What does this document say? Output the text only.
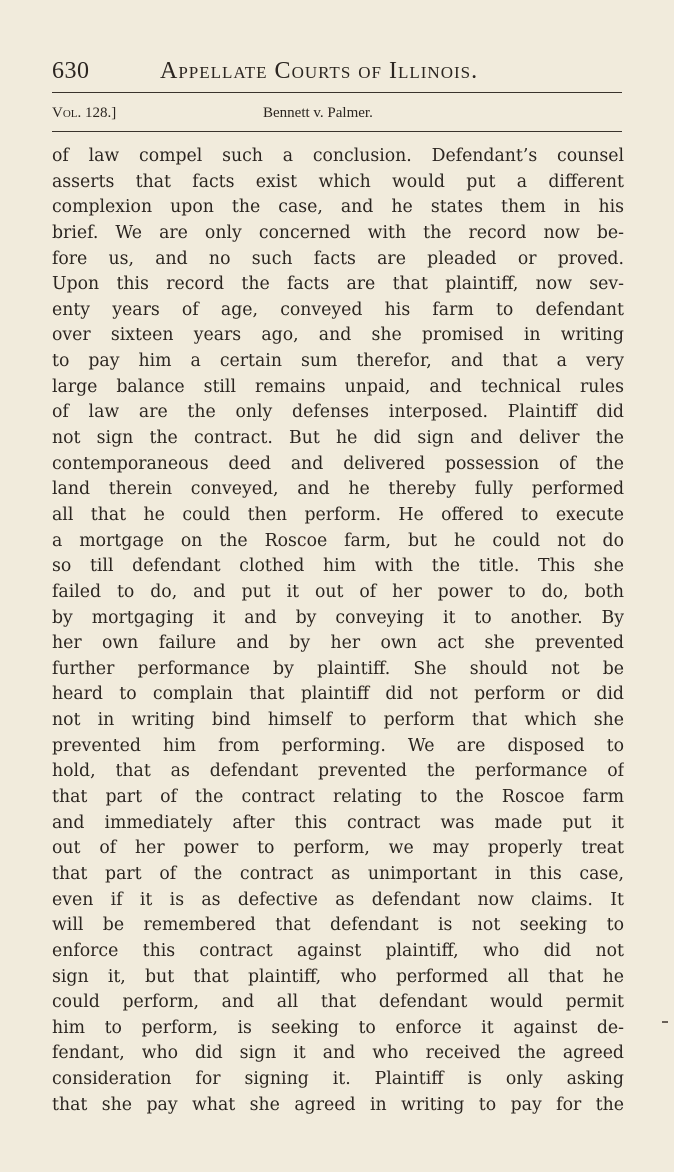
630	Appellate Courts of Illinois.
Vol. 128.]	Bennett v. Palmer.
of law compel such a conclusion. Defendant’s counsel
asserts that facts exist which would put a different
complexion upon the case, and he states them in his
brief. We are only concerned with the record now be-
fore us, and no such facts are pleaded or proved.
Upon this record the facts are that plaintiff, now sev-
enty years of age, conveyed his farm to defendant
over sixteen years ago, and she promised in writing
to pay him a certain sum therefor, and that a very
large balance still remains unpaid, and technical rules
of law are the only defenses interposed. Plaintiff did
not sign the contract. But he did sign and deliver the
contemporaneous deed and delivered possession of the
land therein conveyed, and he thereby fully performed
all that he could then perform. He offered to execute
a mortgage on the Roscoe farm, but he could not do
so till defendant clothed him with the title. This she
failed to do, and put it out of her power to do, both
by mortgaging it and by conveying it to another. By
her own failure and by her own act she prevented
further performance by plaintiff. She should not be
heard to complain that plaintiff did not perform or did
not in writing bind himself to perform that which she
prevented him from performing. We are disposed to
hold, that as defendant prevented the performance of
that part of the contract relating to the Roscoe farm
and immediately after this contract was made put it
out of her power to perform, we may properly treat
that part of the contract as unimportant in this case,
even if it is as defective as defendant now claims. It
will be remembered that defendant is not seeking to
enforce this contract against plaintiff, who did not
sign it, but that plaintiff, who performed all that he
could perform, and all that defendant would permit
him to perform, is seeking to enforce it against de-
fendant, who did sign it and who received the agreed
consideration for signing it. Plaintiff is only asking
that she pay what she agreed in writing to pay for the
